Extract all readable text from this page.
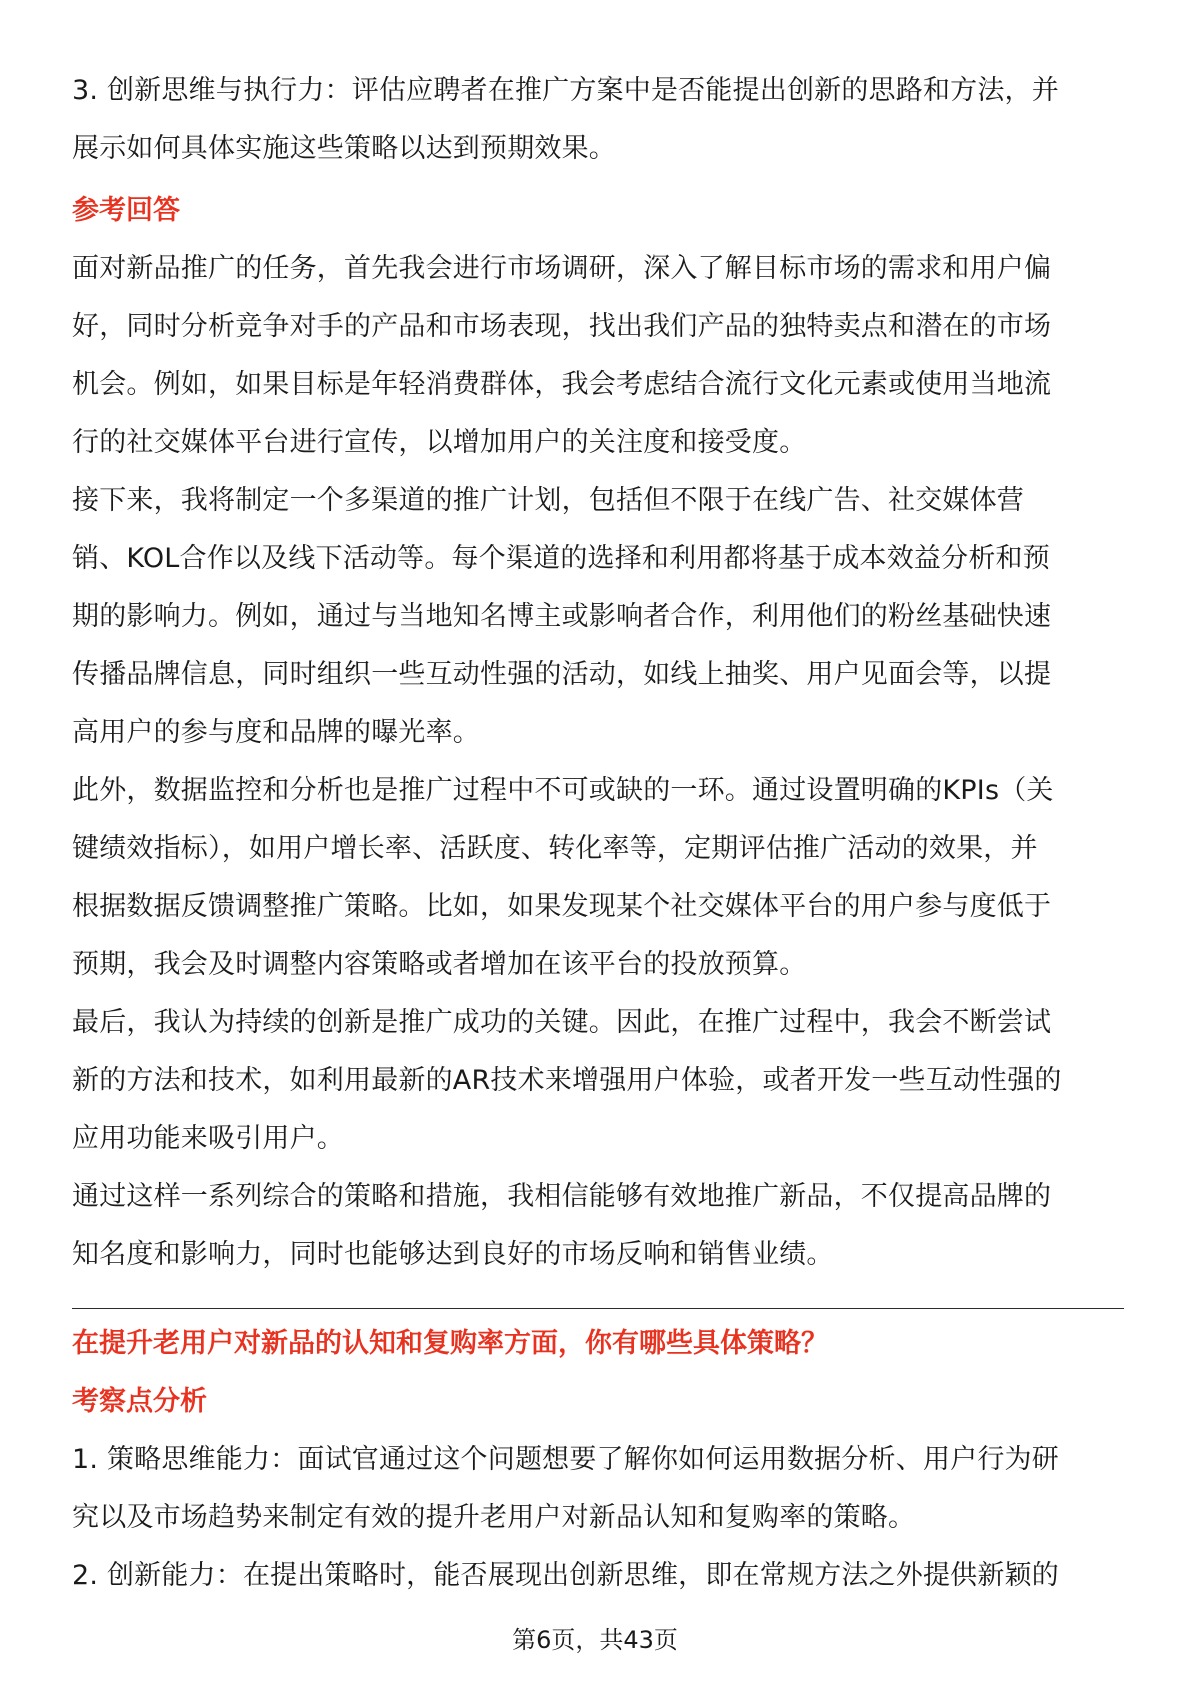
3. 创新思维与执行力：评估应聘者在推广方案中是否能提出创新的思路和方法，并

展示如何具体实施这些策略以达到预期效果。

参考回答

面对新品推广的任务，首先我会进行市场调研，深入了解目标市场的需求和用户偏

好，同时分析竞争对手的产品和市场表现，找出我们产品的独特卖点和潜在的市场

机会。例如，如果目标是年轻消费群体，我会考虑结合流行文化元素或使用当地流

行的社交媒体平台进行宣传，以增加用户的关注度和接受度。

接下来，我将制定一个多渠道的推广计划，包括但不限于在线广告、社交媒体营

销、KOL合作以及线下活动等。每个渠道的选择和利用都将基于成本效益分析和预

期的影响力。例如，通过与当地知名博主或影响者合作，利用他们的粉丝基础快速

传播品牌信息，同时组织一些互动性强的活动，如线上抽奖、用户见面会等，以提

高用户的参与度和品牌的曝光率。

此外，数据监控和分析也是推广过程中不可或缺的一环。通过设置明确的KPIs（关

键绩效指标），如用户增长率、活跃度、转化率等，定期评估推广活动的效果，并

根据数据反馈调整推广策略。比如，如果发现某个社交媒体平台的用户参与度低于

预期，我会及时调整内容策略或者增加在该平台的投放预算。

最后，我认为持续的创新是推广成功的关键。因此，在推广过程中，我会不断尝试

新的方法和技术，如利用最新的AR技术来增强用户体验，或者开发一些互动性强的

应用功能来吸引用户。

通过这样一系列综合的策略和措施，我相信能够有效地推广新品，不仅提高品牌的

知名度和影响力，同时也能够达到良好的市场反响和销售业绩。

在提升老用户对新品的认知和复购率方面，你有哪些具体策略？

考察点分析

1. 策略思维能力：面试官通过这个问题想要了解你如何运用数据分析、用户行为研

究以及市场趋势来制定有效的提升老用户对新品认知和复购率的策略。

2. 创新能力：在提出策略时，能否展现出创新思维，即在常规方法之外提供新颖的

第6页，共43页
